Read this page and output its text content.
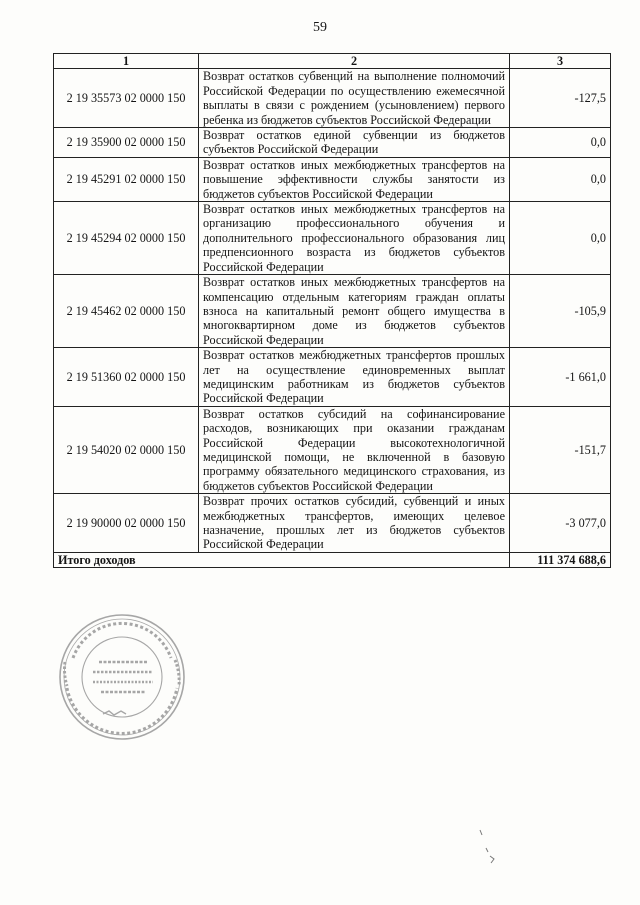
59
1	2	3
2 19 35573 02 0000 150	Возврат остатков субвенций на выполнение полномочий Российской Федерации по осуществлению ежемесячной выплаты в связи с рождением (усыновлением) первого ребенка из бюджетов субъектов Российской Федерации	-127,5
2 19 35900 02 0000 150	Возврат остатков единой субвенции из бюджетов субъектов Российской Федерации	0,0
2 19 45291 02 0000 150	Возврат остатков иных межбюджетных трансфертов на повышение эффективности службы занятости из бюджетов субъектов Российской Федерации	0,0
2 19 45294 02 0000 150	Возврат остатков иных межбюджетных трансфертов на организацию профессионального обучения и дополнительного профессионального образования лиц предпенсионного возраста из бюджетов субъектов Российской Федерации	0,0
2 19 45462 02 0000 150	Возврат остатков иных межбюджетных трансфертов на компенсацию отдельным категориям граждан оплаты взноса на капитальный ремонт общего имущества в многоквартирном доме из бюджетов субъектов Российской Федерации	-105,9
2 19 51360 02 0000 150	Возврат остатков межбюджетных трансфертов прошлых лет на осуществление единовременных выплат медицинским работникам из бюджетов субъектов Российской Федерации	-1 661,0
2 19 54020 02 0000 150	Возврат остатков субсидий на софинансирование расходов, возникающих при оказании гражданам Российской Федерации высокотехнологичной медицинской помощи, не включенной в базовую программу обязательного медицинского страхования, из бюджетов субъектов Российской Федерации	-151,7
2 19 90000 02 0000 150	Возврат прочих остатков субсидий, субвенций и иных межбюджетных трансфертов, имеющих целевое назначение, прошлых лет из бюджетов субъектов Российской Федерации	-3 077,0
Итого доходов		111 374 688,6
